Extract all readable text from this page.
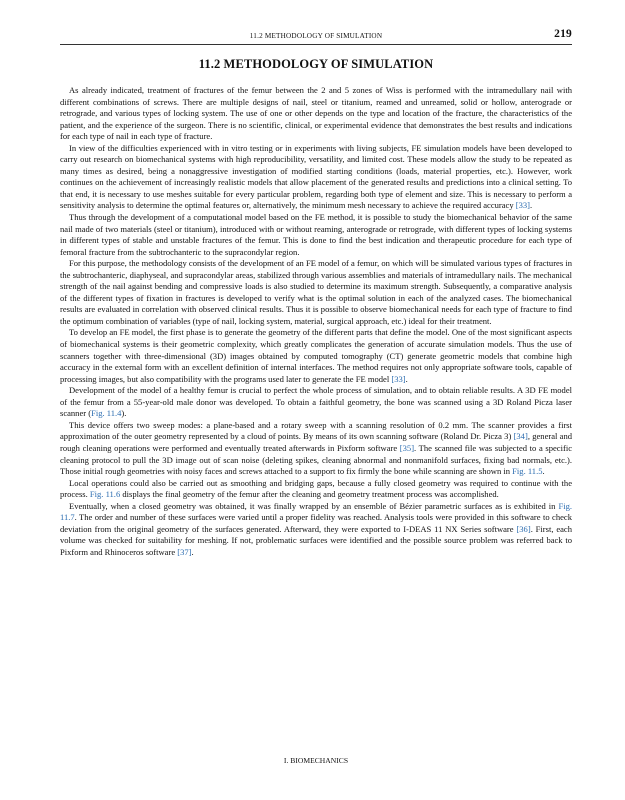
11.2 METHODOLOGY OF SIMULATION	219
11.2 METHODOLOGY OF SIMULATION

As already indicated, treatment of fractures of the femur between the 2 and 5 zones of Wiss is performed with the intramedullary nail with different combinations of screws. There are multiple designs of nail, steel or titanium, reamed and unreamed, solid or hollow, anterograde or retrograde, and various types of locking system. The use of one or other depends on the type and location of the fracture, the characteristics of the patient, and the experience of the surgeon. There is no scientific, clinical, or experimental evidence that demonstrates the best results and indications for each type of nail in each type of fracture.

In view of the difficulties experienced with in vitro testing or in experiments with living subjects, FE simulation models have been developed to carry out research on biomechanical systems with high reproducibility, versatility, and limited cost. These models allow the study to be repeated as many times as desired, being a nonaggressive investigation of modified starting conditions (loads, material properties, etc.). However, work continues on the achievement of increasingly realistic models that allow placement of the generated results and predictions into a clinical setting. To that end, it is necessary to use meshes suitable for every particular problem, regarding both type of element and size. This is necessary to perform a sensitivity analysis to determine the optimal features or, alternatively, the minimum mesh necessary to achieve the required accuracy [33].

Thus through the development of a computational model based on the FE method, it is possible to study the biomechanical behavior of the same nail made of two materials (steel or titanium), introduced with or without reaming, anterograde or retrograde, with different types of locking systems in different types of stable and unstable fractures of the femur. This is done to find the best indication and therapeutic procedure for each type of femoral fracture from the subtrochanteric to the supracondylar region.

For this purpose, the methodology consists of the development of an FE model of a femur, on which will be simulated various types of fractures in the subtrochanteric, diaphyseal, and supracondylar areas, stabilized through various assemblies and materials of intramedullary nails. The mechanical strength of the nail against bending and compressive loads is also studied to determine its maximum strength. Subsequently, a comparative analysis of the different types of fixation in fractures is developed to verify what is the optimal solution in each of the analyzed cases. The biomechanical results are evaluated in correlation with observed clinical results. Thus it is possible to observe biomechanical needs for each type of fracture to find the optimum combination of variables (type of nail, locking system, material, surgical approach, etc.) ideal for their treatment.

To develop an FE model, the first phase is to generate the geometry of the different parts that define the model. One of the most significant aspects of biomechanical systems is their geometric complexity, which greatly complicates the generation of accurate simulation models. Thus the use of scanners together with three-dimensional (3D) images obtained by computed tomography (CT) generate geometric models that combine high accuracy in the external form with an excellent definition of internal interfaces. The method requires not only appropriate software tools, capable of processing images, but also compatibility with the programs used later to generate the FE model [33].

Development of the model of a healthy femur is crucial to perfect the whole process of simulation, and to obtain reliable results. A 3D FE model of the femur from a 55-year-old male donor was developed. To obtain a faithful geometry, the bone was scanned using a 3D Roland Picza laser scanner (Fig. 11.4).

This device offers two sweep modes: a plane-based and a rotary sweep with a scanning resolution of 0.2 mm. The scanner provides a first approximation of the outer geometry represented by a cloud of points. By means of its own scanning software (Roland Dr. Picza 3) [34], general and rough cleaning operations were performed and eventually treated afterwards in Pixform software [35]. The scanned file was subjected to a specific cleaning protocol to pull the 3D image out of scan noise (deleting spikes, cleaning abnormal and nonmanifold surfaces, fixing bad normals, etc.). Those initial rough geometries with noisy faces and screws attached to a support to fix firmly the bone while scanning are shown in Fig. 11.5.

Local operations could also be carried out as smoothing and bridging gaps, because a fully closed geometry was required to continue with the process. Fig. 11.6 displays the final geometry of the femur after the cleaning and geometry treatment process was accomplished.

Eventually, when a closed geometry was obtained, it was finally wrapped by an ensemble of Bézier parametric surfaces as is exhibited in Fig. 11.7. The order and number of these surfaces were varied until a proper fidelity was reached. Analysis tools were provided in this software to check deviation from the original geometry of the surfaces generated. Afterward, they were exported to I-DEAS 11 NX Series software [36]. First, each volume was checked for suitability for meshing. If not, problematic surfaces were identified and the possible source problem was referred back to Pixform and Rhinoceros software [37].

I. BIOMECHANICS
